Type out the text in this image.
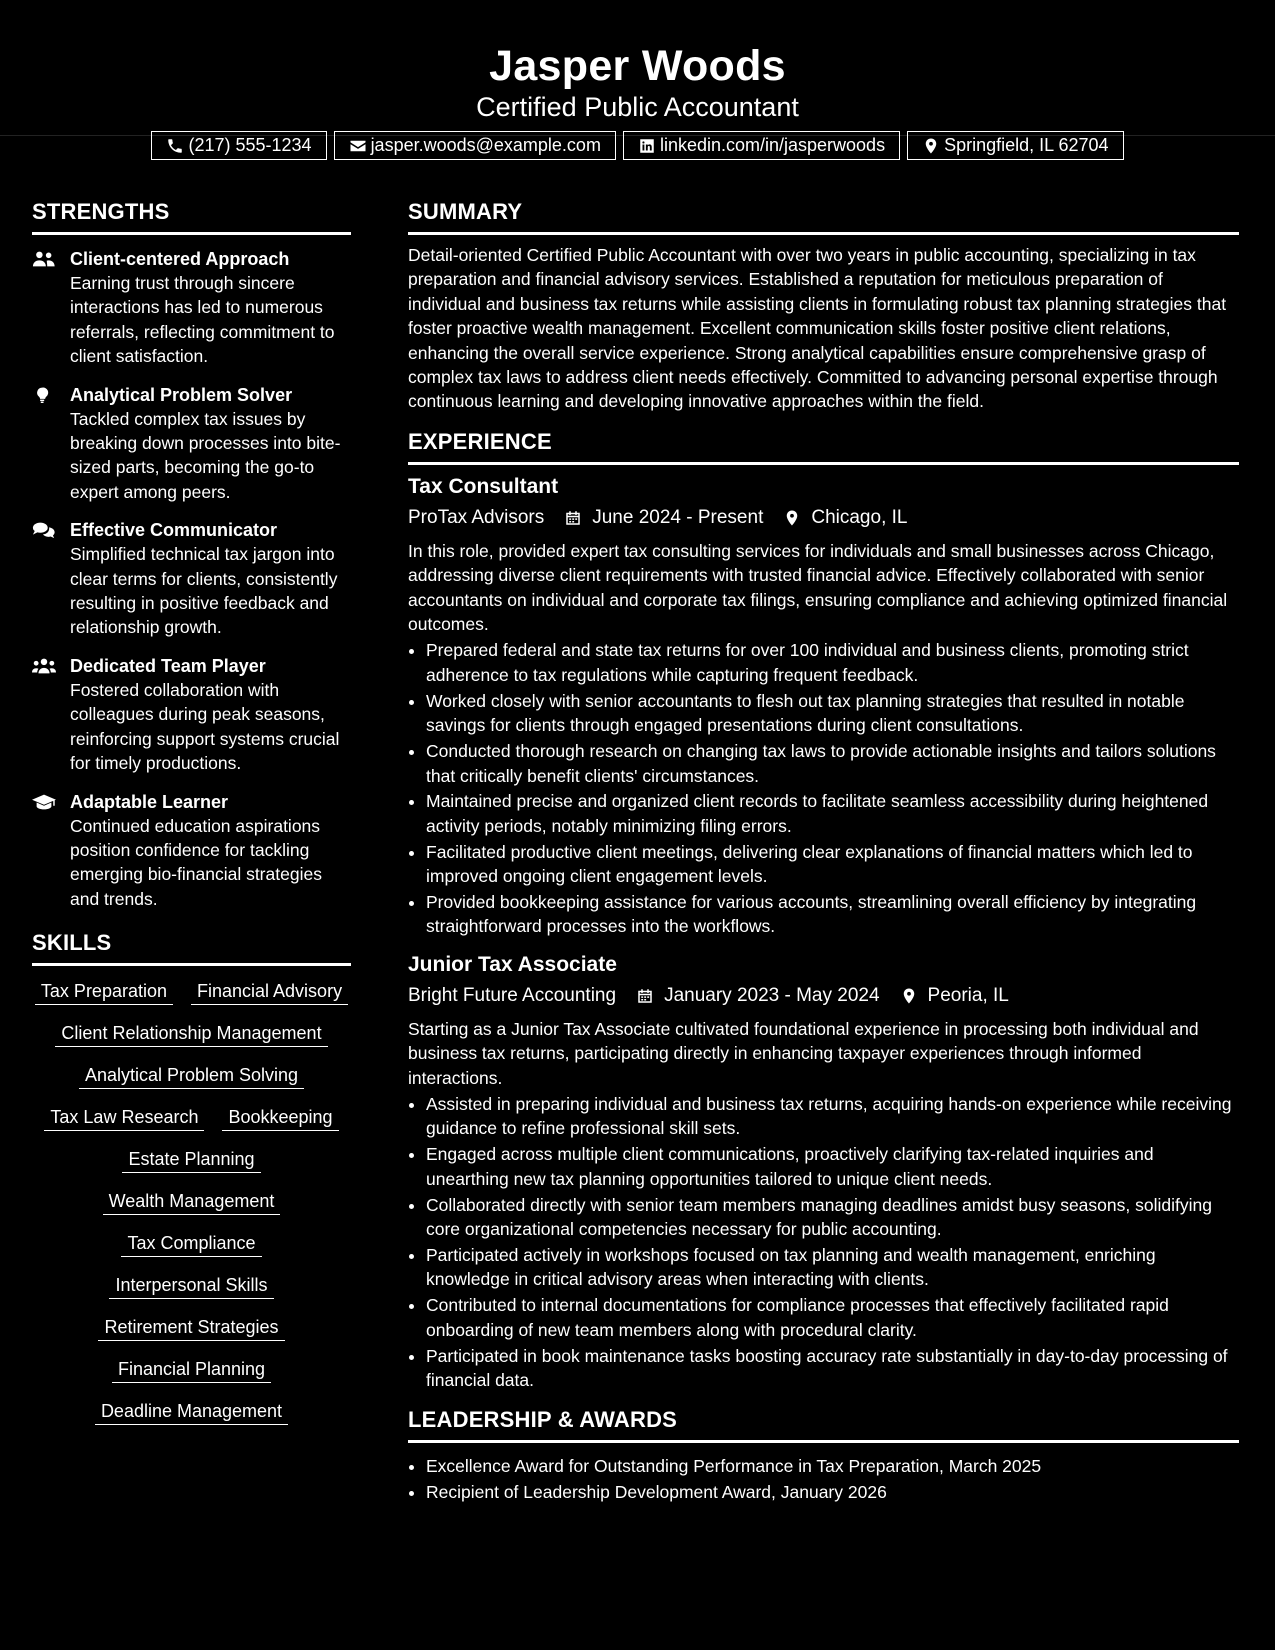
Jasper Woods
Certified Public Accountant
(217) 555-1234	jasper.woods@example.com	linkedin.com/in/jasperwoods	Springfield, IL 62704
STRENGTHS
Client-centered Approach
Earning trust through sincere interactions has led to numerous referrals, reflecting commitment to client satisfaction.
Analytical Problem Solver
Tackled complex tax issues by breaking down processes into bite-sized parts, becoming the go-to expert among peers.
Effective Communicator
Simplified technical tax jargon into clear terms for clients, consistently resulting in positive feedback and relationship growth.
Dedicated Team Player
Fostered collaboration with colleagues during peak seasons, reinforcing support systems crucial for timely productions.
Adaptable Learner
Continued education aspirations position confidence for tackling emerging bio-financial strategies and trends.
SKILLS
Tax Preparation	Financial Advisory
Client Relationship Management
Analytical Problem Solving
Tax Law Research	Bookkeeping
Estate Planning
Wealth Management
Tax Compliance
Interpersonal Skills
Retirement Strategies
Financial Planning
Deadline Management
SUMMARY
Detail-oriented Certified Public Accountant with over two years in public accounting, specializing in tax preparation and financial advisory services. Established a reputation for meticulous preparation of individual and business tax returns while assisting clients in formulating robust tax planning strategies that foster proactive wealth management. Excellent communication skills foster positive client relations, enhancing the overall service experience. Strong analytical capabilities ensure comprehensive grasp of complex tax laws to address client needs effectively. Committed to advancing personal expertise through continuous learning and developing innovative approaches within the field.
EXPERIENCE
Tax Consultant
ProTax Advisors	June 2024 - Present	Chicago, IL
In this role, provided expert tax consulting services for individuals and small businesses across Chicago, addressing diverse client requirements with trusted financial advice. Effectively collaborated with senior accountants on individual and corporate tax filings, ensuring compliance and achieving optimized financial outcomes.
• Prepared federal and state tax returns for over 100 individual and business clients, promoting strict adherence to tax regulations while capturing frequent feedback.
• Worked closely with senior accountants to flesh out tax planning strategies that resulted in notable savings for clients through engaged presentations during client consultations.
• Conducted thorough research on changing tax laws to provide actionable insights and tailors solutions that critically benefit clients' circumstances.
• Maintained precise and organized client records to facilitate seamless accessibility during heightened activity periods, notably minimizing filing errors.
• Facilitated productive client meetings, delivering clear explanations of financial matters which led to improved ongoing client engagement levels.
• Provided bookkeeping assistance for various accounts, streamlining overall efficiency by integrating straightforward processes into the workflows.
Junior Tax Associate
Bright Future Accounting	January 2023 - May 2024	Peoria, IL
Starting as a Junior Tax Associate cultivated foundational experience in processing both individual and business tax returns, participating directly in enhancing taxpayer experiences through informed interactions.
• Assisted in preparing individual and business tax returns, acquiring hands-on experience while receiving guidance to refine professional skill sets.
• Engaged across multiple client communications, proactively clarifying tax-related inquiries and unearthing new tax planning opportunities tailored to unique client needs.
• Collaborated directly with senior team members managing deadlines amidst busy seasons, solidifying core organizational competencies necessary for public accounting.
• Participated actively in workshops focused on tax planning and wealth management, enriching knowledge in critical advisory areas when interacting with clients.
• Contributed to internal documentations for compliance processes that effectively facilitated rapid onboarding of new team members along with procedural clarity.
• Participated in book maintenance tasks boosting accuracy rate substantially in day-to-day processing of financial data.
LEADERSHIP & AWARDS
• Excellence Award for Outstanding Performance in Tax Preparation, March 2025
• Recipient of Leadership Development Award, January 2026
